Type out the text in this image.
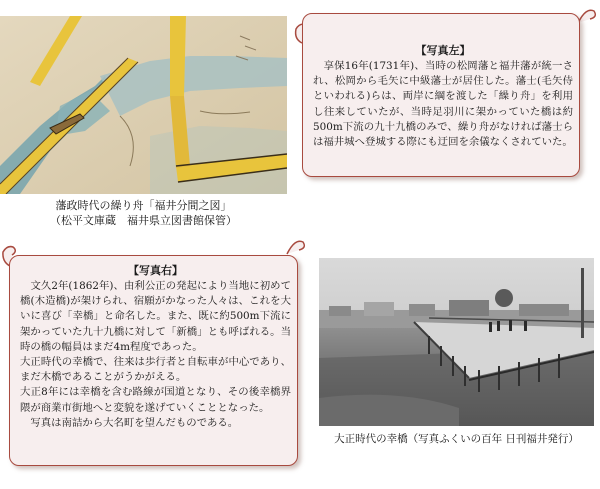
藩政時代の繰り舟「福井分間之図」
（松平文庫蔵　福井県立図書館保管）
【写真左】
　享保16年(1731年)、当時の松岡藩と福井藩が統一され、松岡から毛矢に中級藩士が居住した。藩士(毛矢侍といわれる)らは、両岸に綱を渡した「繰り舟」を利用し往来していたが、当時足羽川に架かっていた橋は約500m下流の九十九橋のみで、繰り舟がなければ藩士らは福井城へ登城する際にも迂回を余儀なくされていた。
【写真右】

　文久2年(1862年)、由利公正の発起により当地に初めて橋(木造橋)が架けられ、宿願がかなった人々は、これを大いに喜び「幸橋」と命名した。また、既に約500m下流に架かっていた九十九橋に対して「新橋」とも呼ばれる。当時の橋の幅員はまだ4m程度であった。

大正時代の幸橋で、往来は歩行者と自転車が中心であり、まだ木橋であることがうかがえる。

大正8年には幸橋を含む路線が国道となり、その後幸橋界隈が商業市街地へと変貌を遂げていくこととなった。

　写真は南詰から大名町を望んだものである。

大正時代の幸橋（写真ふくいの百年 日刊福井発行）
